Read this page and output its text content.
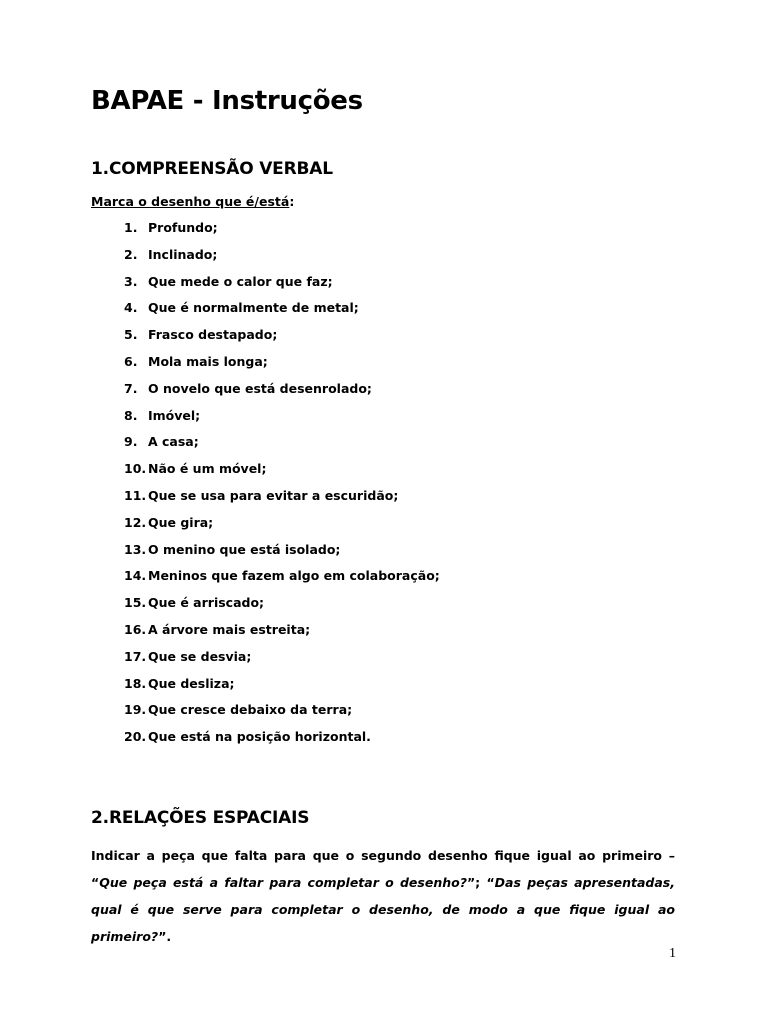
BAPAE - Instruções
1.COMPREENSÃO VERBAL

Marca o desenho que é/está:

1. Profundo;
2. Inclinado;
3. Que mede o calor que faz;
4. Que é normalmente de metal;
5. Frasco destapado;
6. Mola mais longa;
7. O novelo que está desenrolado;
8. Imóvel;
9. A casa;
10. Não é um móvel;
11. Que se usa para evitar a escuridão;
12. Que gira;
13. O menino que está isolado;
14. Meninos que fazem algo em colaboração;
15. Que é arriscado;
16. A árvore mais estreita;
17. Que se desvia;
18. Que desliza;
19. Que cresce debaixo da terra;
20. Que está na posição horizontal.
2.RELAÇÕES ESPACIAIS

Indicar a peça que falta para que o segundo desenho fique igual ao primeiro – “Que peça está a faltar para completar o desenho?”; “Das peças apresentadas, qual é que serve para completar o desenho, de modo a que fique igual ao primeiro?”.

1
